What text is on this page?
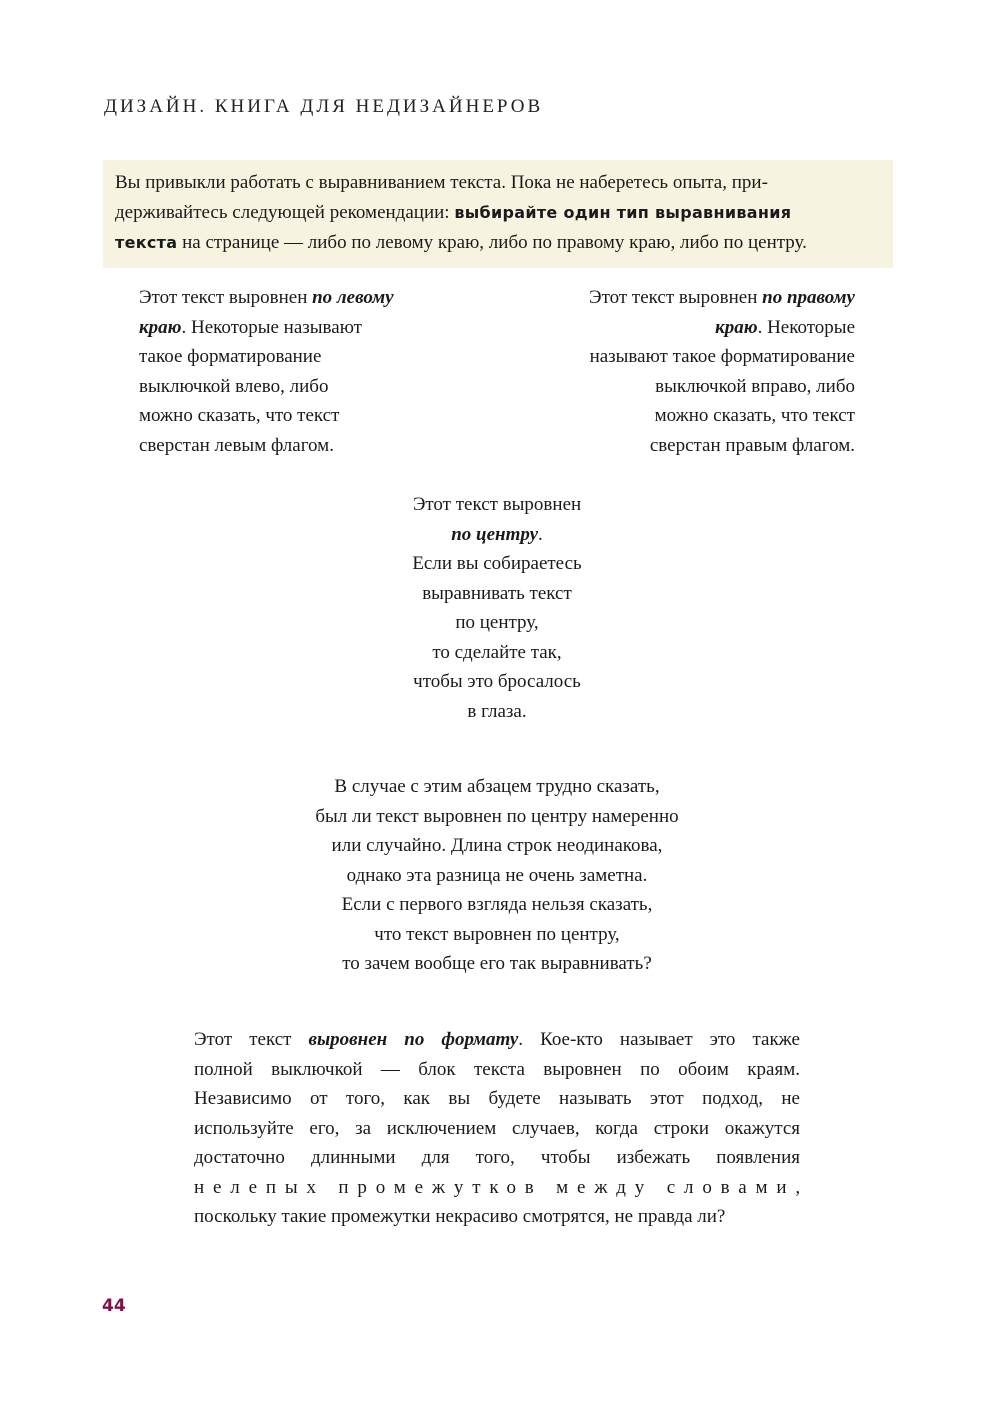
ДИЗАЙН. КНИГА ДЛЯ НЕДИЗАЙНЕРОВ
Вы привыкли работать с выравниванием текста. Пока не наберетесь опыта, при-
держивайтесь следующей рекомендации: выбирайте один тип выравнивания
текста на странице — либо по левому краю, либо по правому краю, либо по центру.
Этот текст выровнен по левому
краю. Некоторые называют
такое форматирование
выключкой влево, либо
можно сказать, что текст
сверстан левым флагом.
Этот текст выровнен по правому
краю. Некоторые
называют такое форматирование
выключкой вправо, либо
можно сказать, что текст
сверстан правым флагом.
Этот текст выровнен
по центру.
Если вы собираетесь
выравнивать текст
по центру,
то сделайте так,
чтобы это бросалось
в глаза.
В случае с этим абзацем трудно сказать,
был ли текст выровнен по центру намеренно
или случайно. Длина строк неодинакова,
однако эта разница не очень заметна.
Если с первого взгляда нельзя сказать,
что текст выровнен по центру,
то зачем вообще его так выравнивать?
Этот текст выровнен по формату. Кое-кто называет это также
полной выключкой — блок текста выровнен по обоим краям.
Независимо от того, как вы будете называть этот подход, не
используйте его, за исключением случаев, когда строки окажутся
достаточно длинными для того, чтобы избежать появления
нелепых промежутков между словами,
поскольку такие промежутки некрасиво смотрятся, не правда ли?
44
